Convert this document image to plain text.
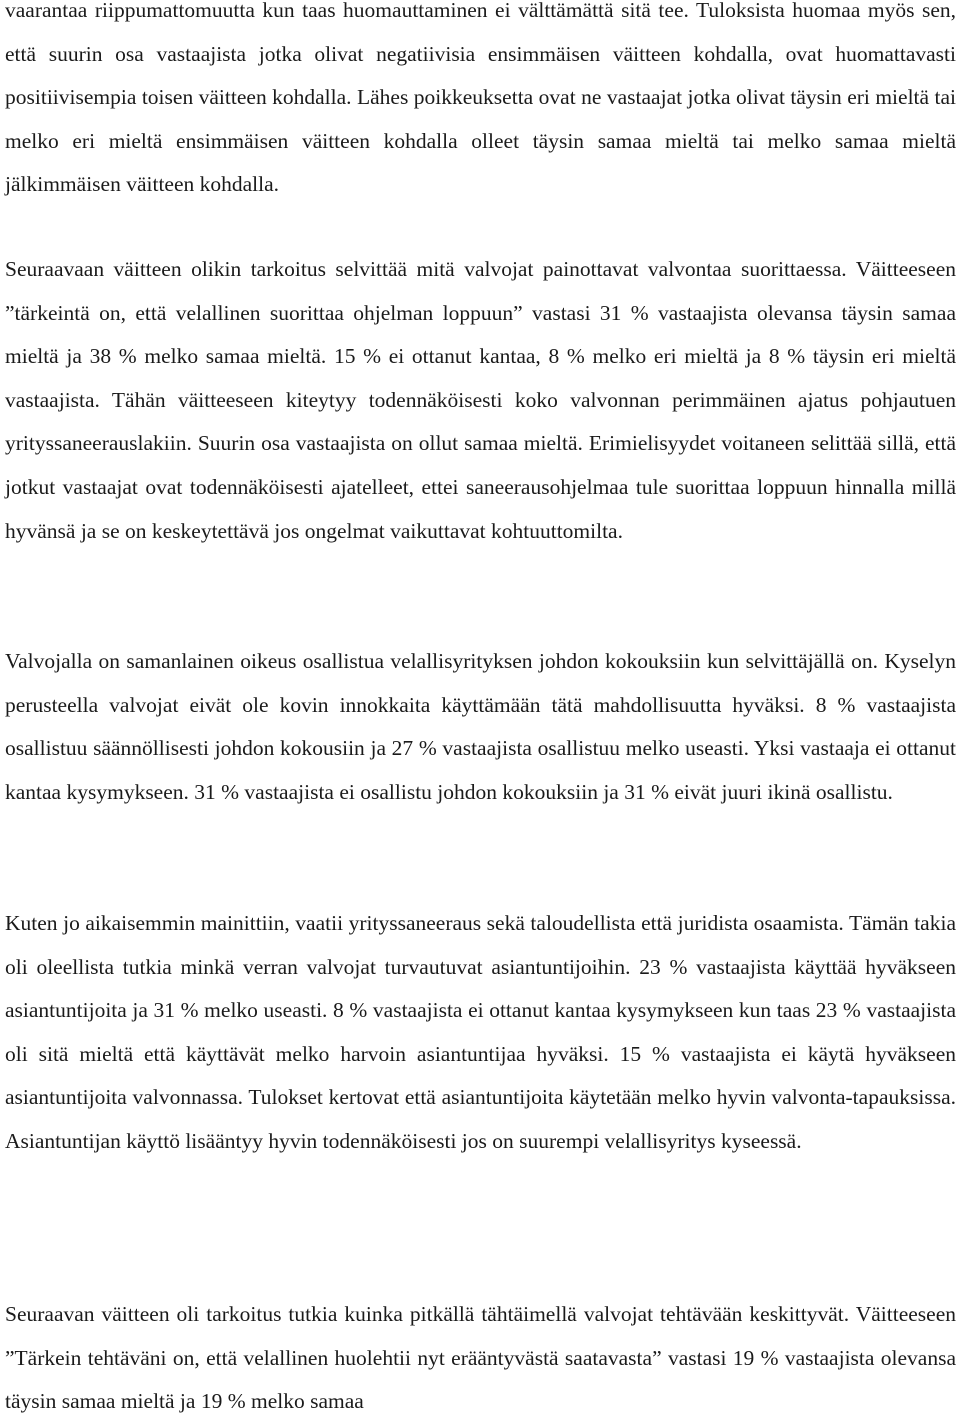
vaarantaa riippumattomuutta kun taas huomauttaminen ei välttämättä sitä tee. Tuloksista huomaa myös sen, että suurin osa vastaajista jotka olivat negatiivisia ensimmäisen väitteen kohdalla, ovat huomattavasti positiivisempia toisen väitteen kohdalla. Lähes poikkeuksetta ovat ne vastaajat jotka olivat täysin eri mieltä tai melko eri mieltä ensimmäisen väitteen kohdalla olleet täysin samaa mieltä tai melko samaa mieltä jälkimmäisen väitteen kohdalla.

Seuraavaan väitteen olikin tarkoitus selvittää mitä valvojat painottavat valvontaa suorittaessa. Väitteeseen ”tärkeintä on, että velallinen suorittaa ohjelman loppuun” vastasi 31 % vastaajista olevansa täysin samaa mieltä ja 38 % melko samaa mieltä. 15 % ei ottanut kantaa, 8 % melko eri mieltä ja 8 % täysin eri mieltä vastaajista. Tähän väitteeseen kiteytyy todennäköisesti koko valvonnan perimmäinen ajatus pohjautuen yrityssaneerauslakiin. Suurin osa vastaajista on ollut samaa mieltä. Erimielisyydet voitaneen selittää sillä, että jotkut vastaajat ovat todennäköisesti ajatelleet, ettei saneerausohjelmaa tule suorittaa loppuun hinnalla millä hyvänsä ja se on keskeytettävä jos ongelmat vaikuttavat kohtuuttomilta.

Valvojalla on samanlainen oikeus osallistua velallisyrityksen johdon kokouksiin kun selvittäjällä on. Kyselyn perusteella valvojat eivät ole kovin innokkaita käyttämään tätä mahdollisuutta hyväksi. 8 % vastaajista osallistuu säännöllisesti johdon kokousiin ja 27 % vastaajista osallistuu melko useasti. Yksi vastaaja ei ottanut kantaa kysymykseen. 31 % vastaajista ei osallistu johdon kokouksiin ja 31 % eivät juuri ikinä osallistu.

Kuten jo aikaisemmin mainittiin, vaatii yrityssaneeraus sekä taloudellista että juridista osaamista. Tämän takia oli oleellista tutkia minkä verran valvojat turvautuvat asiantuntijoihin. 23 % vastaajista käyttää hyväkseen asiantuntijoita ja 31 % melko useasti. 8 % vastaajista ei ottanut kantaa kysymykseen kun taas 23 % vastaajista oli sitä mieltä että käyttävät melko harvoin asiantuntijaa hyväksi. 15 % vastaajista ei käytä hyväkseen asiantuntijoita valvonnassa. Tulokset kertovat että asiantuntijoita käytetään melko hyvin valvonta-tapauksissa. Asiantuntijan käyttö lisääntyy hyvin todennäköisesti jos on suurempi velallisyritys kyseessä.

Seuraavan väitteen oli tarkoitus tutkia kuinka pitkällä tähtäimellä valvojat tehtävään keskittyvät. Väitteeseen ”Tärkein tehtäväni on, että velallinen huolehtii nyt erääntyvästä saatavasta” vastasi 19 % vastaajista olevansa täysin samaa mieltä ja 19 % melko samaa
